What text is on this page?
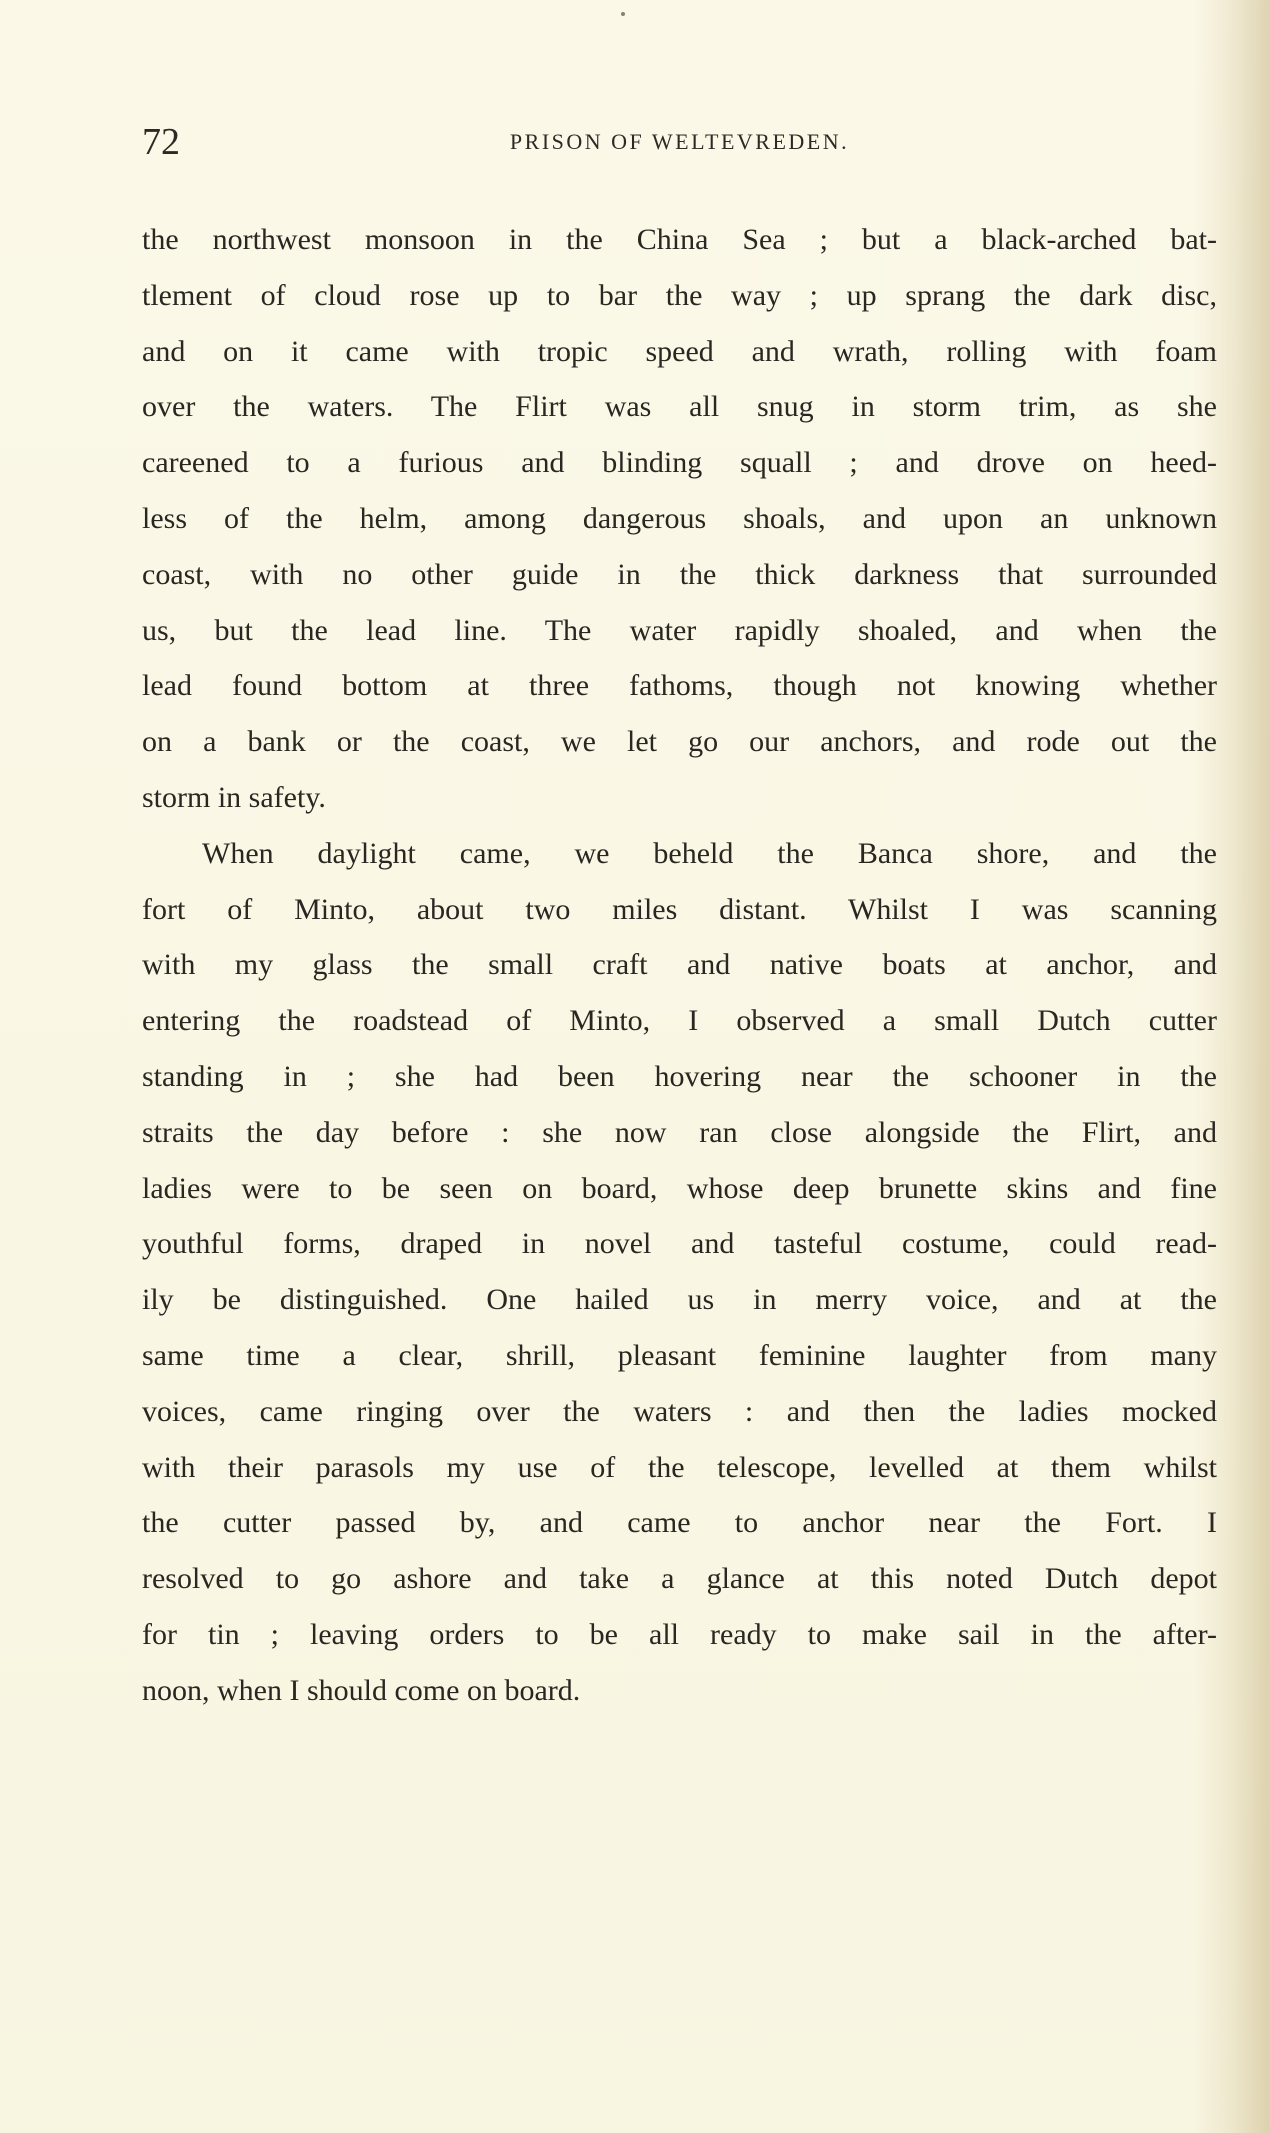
72	PRISON OF WELTEVREDEN.
the northwest monsoon in the China Sea ; but a black-arched bat-
tlement of cloud rose up to bar the way ; up sprang the dark disc,
and on it came with tropic speed and wrath, rolling with foam
over the waters. The Flirt was all snug in storm trim, as she
careened to a furious and blinding squall ; and drove on heed-
less of the helm, among dangerous shoals, and upon an unknown
coast, with no other guide in the thick darkness that surrounded
us, but the lead line. The water rapidly shoaled, and when the
lead found bottom at three fathoms, though not knowing whether
on a bank or the coast, we let go our anchors, and rode out the
storm in safety.
When daylight came, we beheld the Banca shore, and the
fort of Minto, about two miles distant. Whilst I was scanning
with my glass the small craft and native boats at anchor, and
entering the roadstead of Minto, I observed a small Dutch cutter
standing in ; she had been hovering near the schooner in the
straits the day before : she now ran close alongside the Flirt, and
ladies were to be seen on board, whose deep brunette skins and fine
youthful forms, draped in novel and tasteful costume, could read-
ily be distinguished. One hailed us in merry voice, and at the
same time a clear, shrill, pleasant feminine laughter from many
voices, came ringing over the waters : and then the ladies mocked
with their parasols my use of the telescope, levelled at them whilst
the cutter passed by, and came to anchor near the Fort. I
resolved to go ashore and take a glance at this noted Dutch depot
for tin ; leaving orders to be all ready to make sail in the after-
noon, when I should come on board.
